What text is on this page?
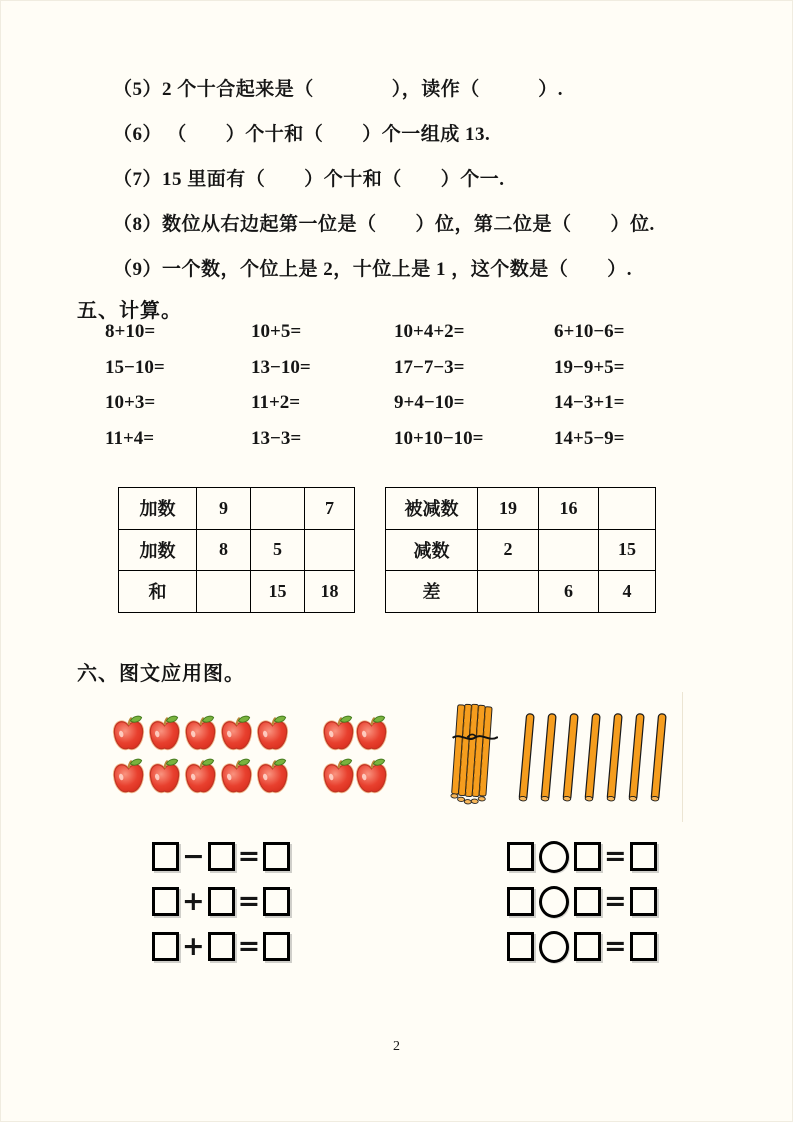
（5）2 个十合起来是（　　　　），读作（　　　）.
（6） （　　）个十和（　　）个一组成 13.
（7）15 里面有（　　）个十和（　　）个一.
（8）数位从右边起第一位是（　　）位，第二位是（　　）位.
（9）一个数，个位上是 2，十位上是 1 ，这个数是（　　）.
五、计算。
8+10=	10+5=	10+4+2=	6+10−6=
15−10=	13−10=	17−7−3=	19−9+5=
10+3=	11+2=	9+4−10=	14−3+1=
11+4=	13−3=	10+10−10=	14+5−9=
加数	9		7
加数	8	5	
和		15	18
被减数	19	16	
减数	2		15
差		6	4
六、图文应用图。
− =
+ =
+ =
=
=
=
2
